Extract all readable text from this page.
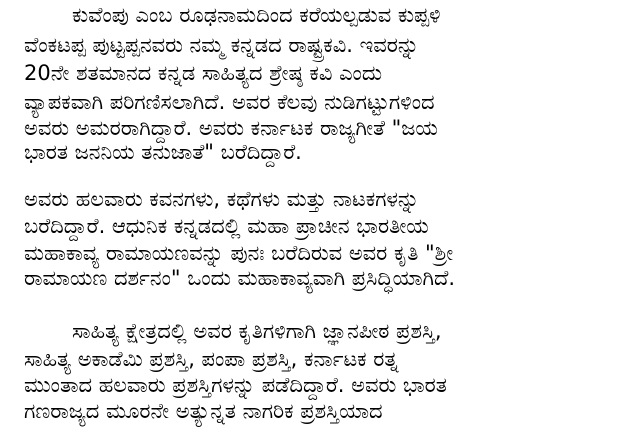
ಕುವೆಂಪು ಎಂಬ ರೂಢನಾಮದಿಂದ ಕರೆಯಲ್ಪಡುವ ಕುಪ್ಪಳಿ
ವೆಂಕಟಪ್ಪ ಪುಟ್ಟಪ್ಪನವರು ನಮ್ಮ ಕನ್ನಡದ ರಾಷ್ಟ್ರಕವಿ. ಇವರನ್ನು
20ನೇ ಶತಮಾನದ ಕನ್ನಡ ಸಾಹಿತ್ಯದ ಶ್ರೇಷ್ಠ ಕವಿ ಎಂದು
ವ್ಯಾಪಕವಾಗಿ ಪರಿಗಣಿಸಲಾಗಿದೆ. ಅವರ ಕೆಲವು ನುಡಿಗಟ್ಟುಗಳಿಂದ
ಅವರು ಅಮರರಾಗಿದ್ದಾರೆ. ಅವರು ಕರ್ನಾಟಕ ರಾಜ್ಯಗೀತೆ "ಜಯ
ಭಾರತ ಜನನಿಯ ತನುಜಾತೆ" ಬರೆದಿದ್ದಾರೆ.
ಅವರು ಹಲವಾರು ಕವನಗಳು, ಕಥೆಗಳು ಮತ್ತು ನಾಟಕಗಳನ್ನು
ಬರೆದಿದ್ದಾರೆ. ಆಧುನಿಕ ಕನ್ನಡದಲ್ಲಿ ಮಹಾ ಪ್ರಾಚೀನ ಭಾರತೀಯ
ಮಹಾಕಾವ್ಯ ರಾಮಾಯಣವನ್ನು ಪುನಃ ಬರೆದಿರುವ ಅವರ ಕೃತಿ "ಶ್ರೀ
ರಾಮಾಯಣ ದರ್ಶನಂ" ಒಂದು ಮಹಾಕಾವ್ಯವಾಗಿ ಪ್ರಸಿದ್ಧಿಯಾಗಿದೆ.
ಸಾಹಿತ್ಯ ಕ್ಷೇತ್ರದಲ್ಲಿ ಅವರ ಕೃತಿಗಳಿಗಾಗಿ ಜ್ಞಾನಪೀಠ ಪ್ರಶಸ್ತಿ,
ಸಾಹಿತ್ಯ ಅಕಾಡೆಮಿ ಪ್ರಶಸ್ತಿ, ಪಂಪಾ ಪ್ರಶಸ್ತಿ, ಕರ್ನಾಟಕ ರತ್ನ
ಮುಂತಾದ ಹಲವಾರು ಪ್ರಶಸ್ತಿಗಳನ್ನು ಪಡೆದಿದ್ದಾರೆ. ಅವರು ಭಾರತ
ಗಣರಾಜ್ಯದ ಮೂರನೇ ಅತ್ಯುನ್ನತ ನಾಗರಿಕ ಪ್ರಶಸ್ತಿಯಾದ
